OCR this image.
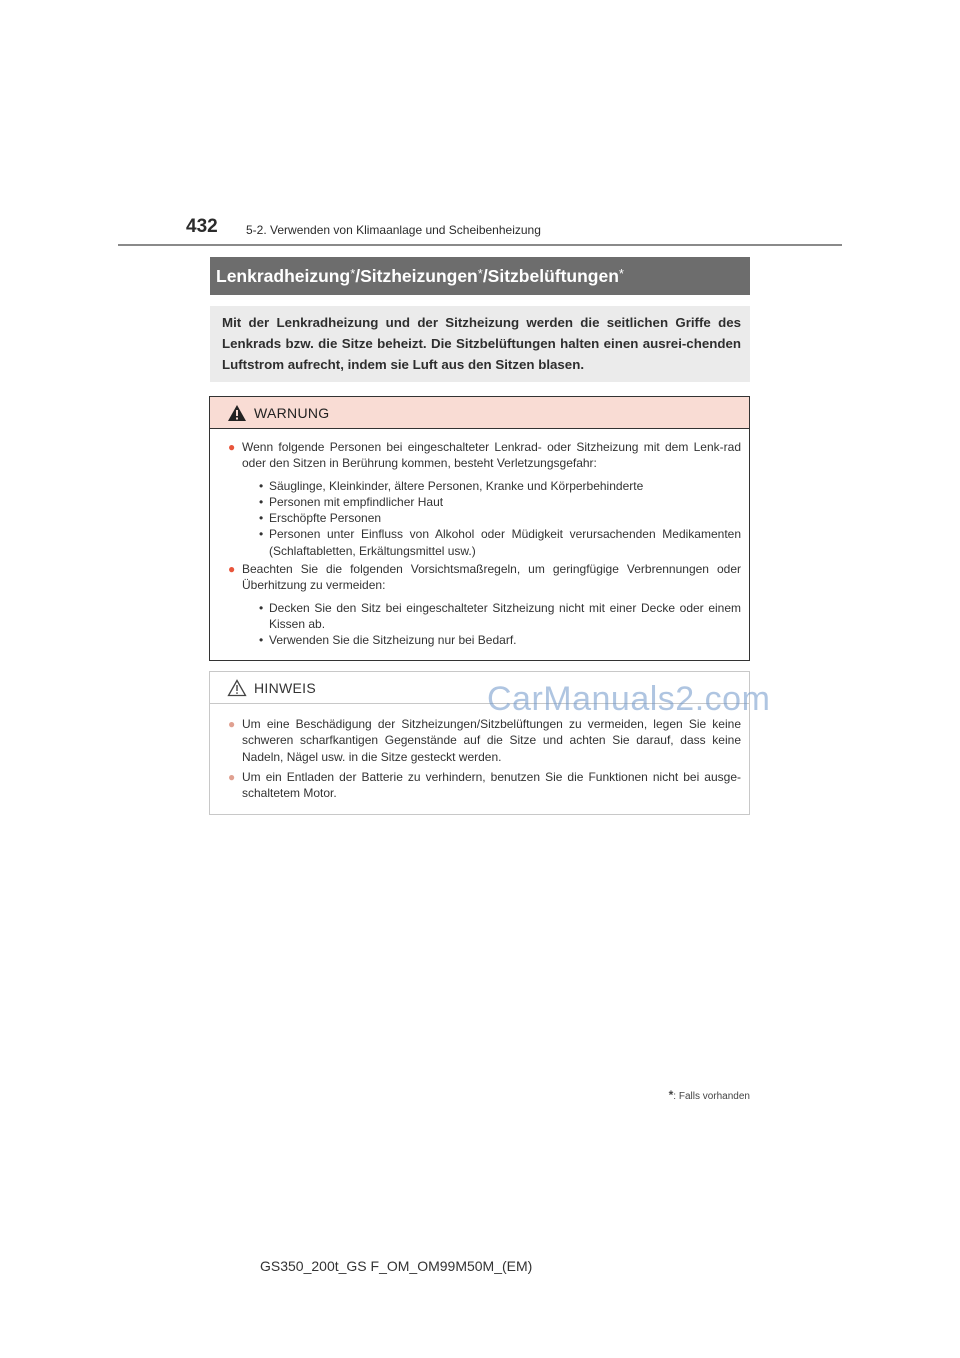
432 5-2. Verwenden von Klimaanlage und Scheibenheizung
Lenkradheizung* /Sitzheizungen* /Sitzbelüftungen*
Mit der Lenkradheizung und der Sitzheizung werden die seitlichen Griffe des Lenkrads bzw. die Sitze beheizt. Die Sitzbelüftungen halten einen ausrei-chenden Luftstrom aufrecht, indem sie Luft aus den Sitzen blasen.
WARNUNG
● Wenn folgende Personen bei eingeschalteter Lenkrad- oder Sitzheizung mit dem Lenk-rad oder den Sitzen in Berührung kommen, besteht Verletzungsgefahr:
• Säuglinge, Kleinkinder, ältere Personen, Kranke und Körperbehinderte
• Personen mit empfindlicher Haut
• Erschöpfte Personen
• Personen unter Einfluss von Alkohol oder Müdigkeit verursachenden Medikamenten (Schlaftabletten, Erkältungsmittel usw.)
● Beachten Sie die folgenden Vorsichtsmaßregeln, um geringfügige Verbrennungen oder Überhitzung zu vermeiden:
• Decken Sie den Sitz bei eingeschalteter Sitzheizung nicht mit einer Decke oder einem Kissen ab.
• Verwenden Sie die Sitzheizung nur bei Bedarf.
HINWEIS
● Um eine Beschädigung der Sitzheizungen/Sitzbelüftungen zu vermeiden, legen Sie keine schweren scharfkantigen Gegenstände auf die Sitze und achten Sie darauf, dass keine Nadeln, Nägel usw. in die Sitze gesteckt werden.
● Um ein Entladen der Batterie zu verhindern, benutzen Sie die Funktionen nicht bei ausge-schaltetem Motor.
CarManuals2.com
*: Falls vorhanden
GS350_200t_GS F_OM_OM99M50M_(EM)
